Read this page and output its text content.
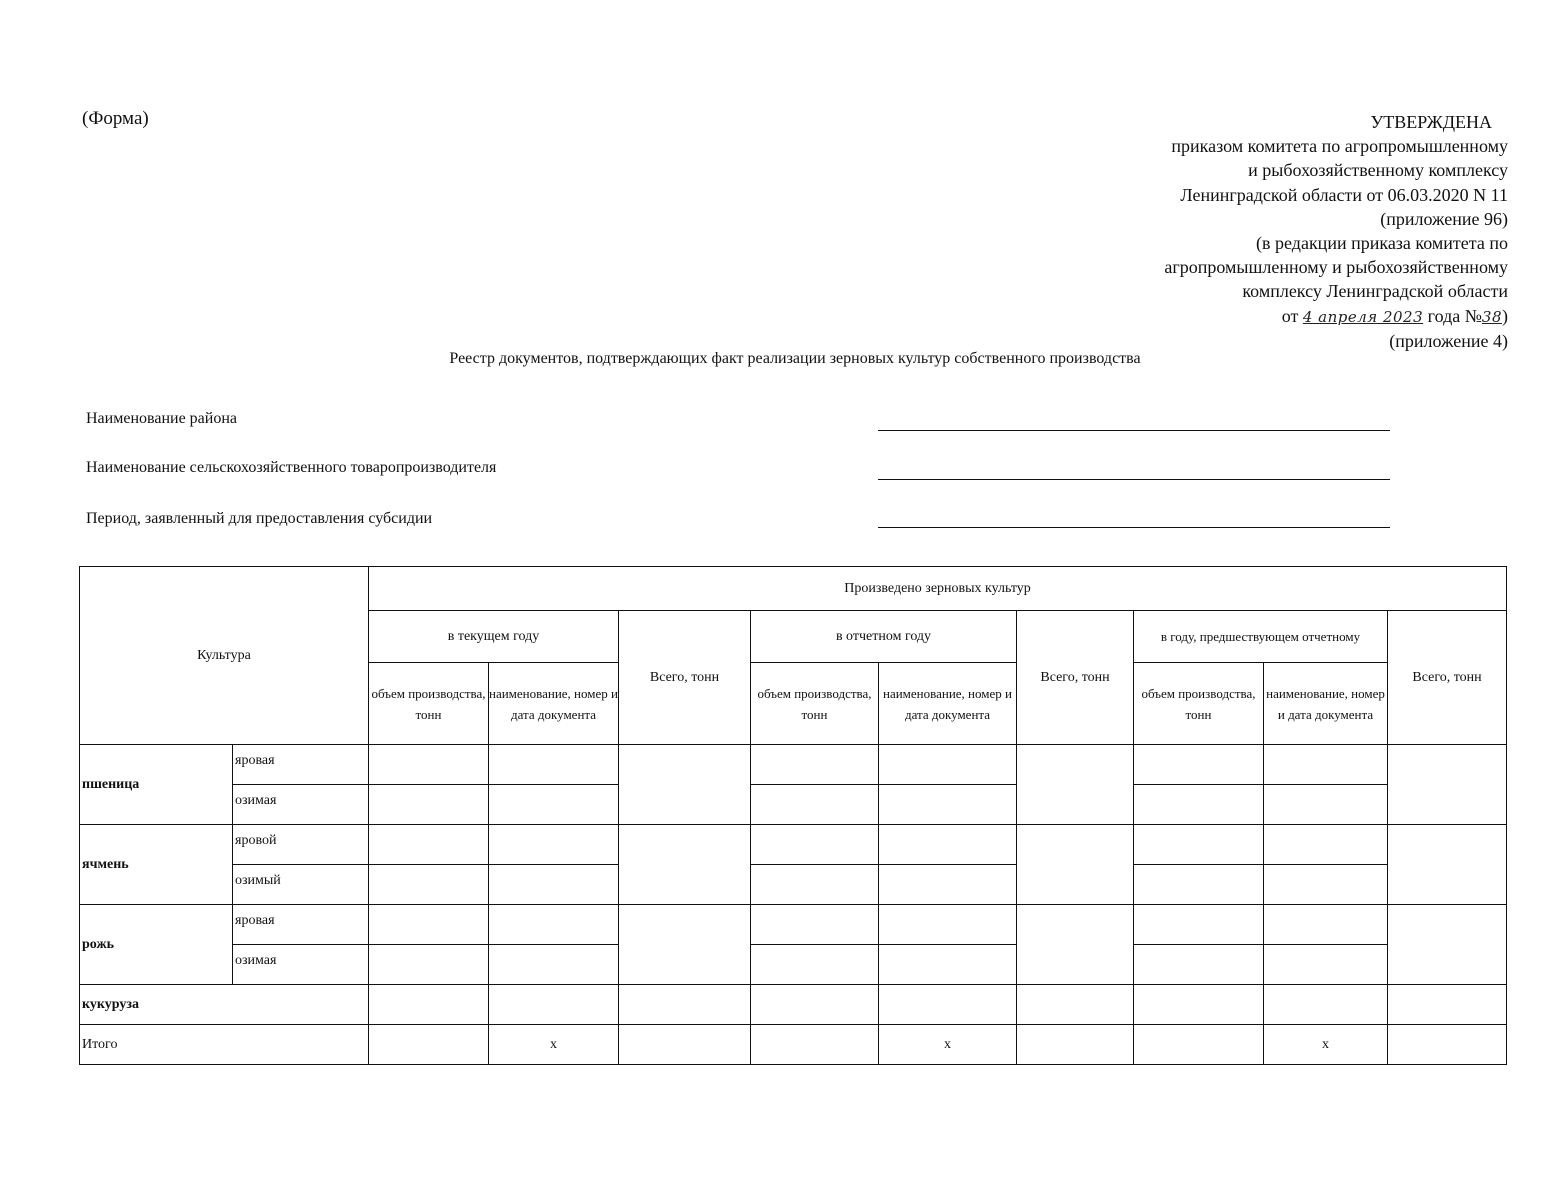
(Форма)	УТВЕРЖДЕНА
приказом комитета по агропромышленному
и рыбохозяйственному комплексу
Ленинградской области от 06.03.2020 N 11
(приложение 96)
(в редакции приказа комитета по
агропромышленному и рыбохозяйственному
комплексу Ленинградской области
от 4 апреля 2023 года №38)
(приложение 4)
Реестр документов, подтверждающих факт реализации зерновых культур собственного производства
Наименование района
Наименование сельскохозяйственного товаропроизводителя
Период, заявленный для предоставления субсидии
Культура		Произведено зерновых культур								
		в текущем году		Всего, тонн	в отчетном году		Всего, тонн	в году, предшествующем отчетному		Всего, тонн
		объем производства, тонн	наименование, номер и дата документа		объем производства, тонн	наименование, номер и дата документа		объем производства, тонн	наименование, номер и дата документа	
пшеница	яровая									
	озимая									
ячмень	яровой									
	озимый									
рожь	яровая									
	озимая									
кукуруза										
Итого			x			x			x	
